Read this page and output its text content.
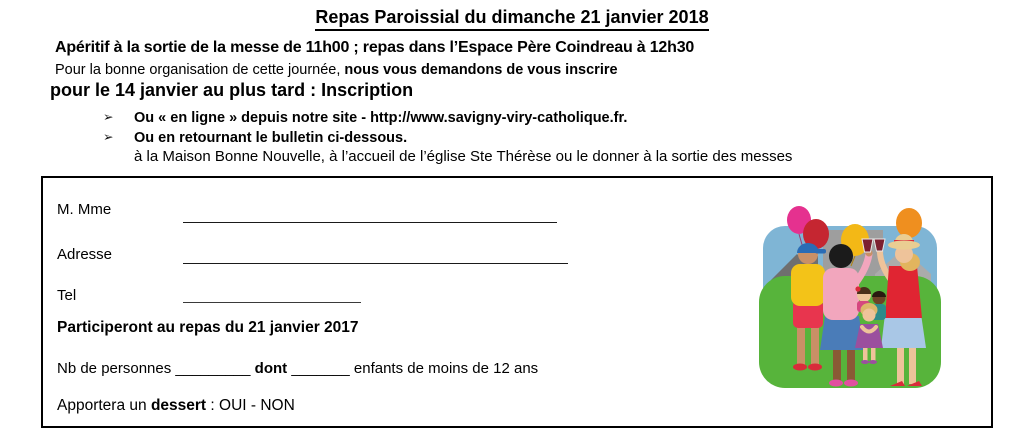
Repas Paroissial du dimanche 21 janvier 2018
Apéritif à la sortie de la messe de 11h00 ; repas dans l’Espace Père Coindreau à 12h30
Pour la bonne organisation de cette journée, nous vous demandons de vous inscrire
pour le 14 janvier au plus tard : Inscription
➢ Ou « en ligne » depuis notre site - http://www.savigny-viry-catholique.fr.
➢ Ou en retournant le bulletin ci-dessous.
à la Maison Bonne Nouvelle, à l’accueil de l’église Ste Thérèse ou le donner à la sortie des messes
M. Mme
Adresse
Tel
Participeront au repas du 21 janvier 2017
Nb de personnes _________ dont _______ enfants de moins de 12 ans
Apportera un dessert : OUI - NON
